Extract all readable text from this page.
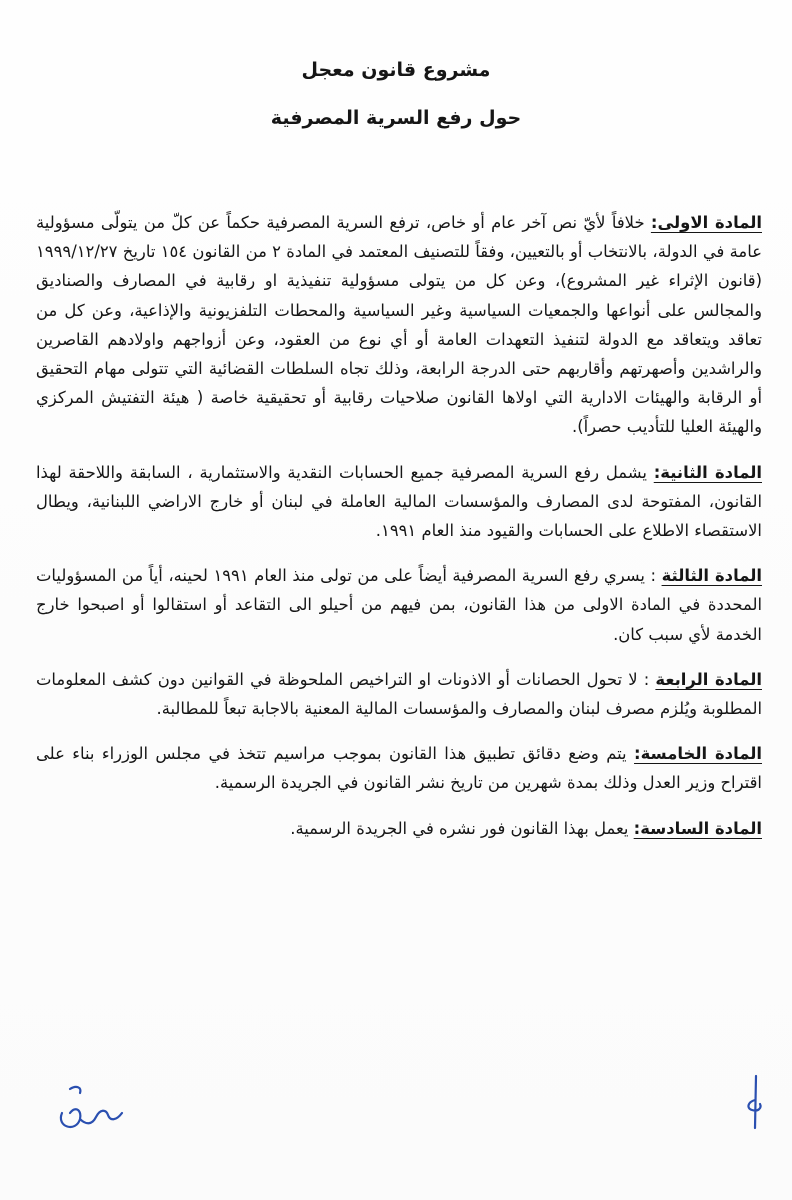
مشروع قانون معجل
حول رفع السرية المصرفية

المادة الاولى: خلافاً لأيّ نص آخر عام أو خاص، ترفع السرية المصرفية حكماً عن كلّ من يتولّى مسؤولية عامة في الدولة، بالانتخاب أو بالتعيين، وفقاً للتصنيف المعتمد في المادة ٢ من القانون ١٥٤ تاريخ ١٩٩٩/١٢/٢٧ (قانون الإثراء غير المشروع)، وعن كل من يتولى مسؤولية تنفيذية او رقابية في المصارف والصناديق والمجالس على أنواعها والجمعيات السياسية وغير السياسية والمحطات التلفزيونية والإذاعية، وعن كل من تعاقد ويتعاقد مع الدولة لتنفيذ التعهدات العامة أو أي نوع من العقود، وعن أزواجهم واولادهم القاصرين والراشدين وأصهرتهم وأقاربهم حتى الدرجة الرابعة، وذلك تجاه السلطات القضائية التي تتولى مهام التحقيق أو الرقابة والهيئات الادارية التي اولاها القانون صلاحيات رقابية أو تحقيقية خاصة ( هيئة التفتيش المركزي والهيئة العليا للتأديب حصراً).

المادة الثانية: يشمل رفع السرية المصرفية جميع الحسابات النقدية والاستثمارية ، السابقة واللاحقة لهذا القانون، المفتوحة لدى المصارف والمؤسسات المالية العاملة في لبنان أو خارج الاراضي اللبنانية، ويطال الاستقصاء الاطلاع على الحسابات والقيود منذ العام ١٩٩١.

المادة الثالثة : يسري رفع السرية المصرفية أيضاً على من تولى منذ العام ١٩٩١ لحينه، أياً من المسؤوليات المحددة في المادة الاولى من هذا القانون، بمن فيهم من أحيلو الى التقاعد أو استقالوا أو اصبحوا خارج الخدمة لأي سبب كان.

المادة الرابعة : لا تحول الحصانات أو الاذونات او التراخيص الملحوظة في القوانين دون كشف المعلومات المطلوبة ويُلزم مصرف لبنان والمصارف والمؤسسات المالية المعنية بالاجابة تبعاً للمطالبة.

المادة الخامسة: يتم وضع دقائق تطبيق هذا القانون بموجب مراسيم تتخذ في مجلس الوزراء بناء على اقتراح وزير العدل وذلك بمدة شهرين من تاريخ نشر القانون في الجريدة الرسمية.

المادة السادسة: يعمل بهذا القانون فور نشره في الجريدة الرسمية.
